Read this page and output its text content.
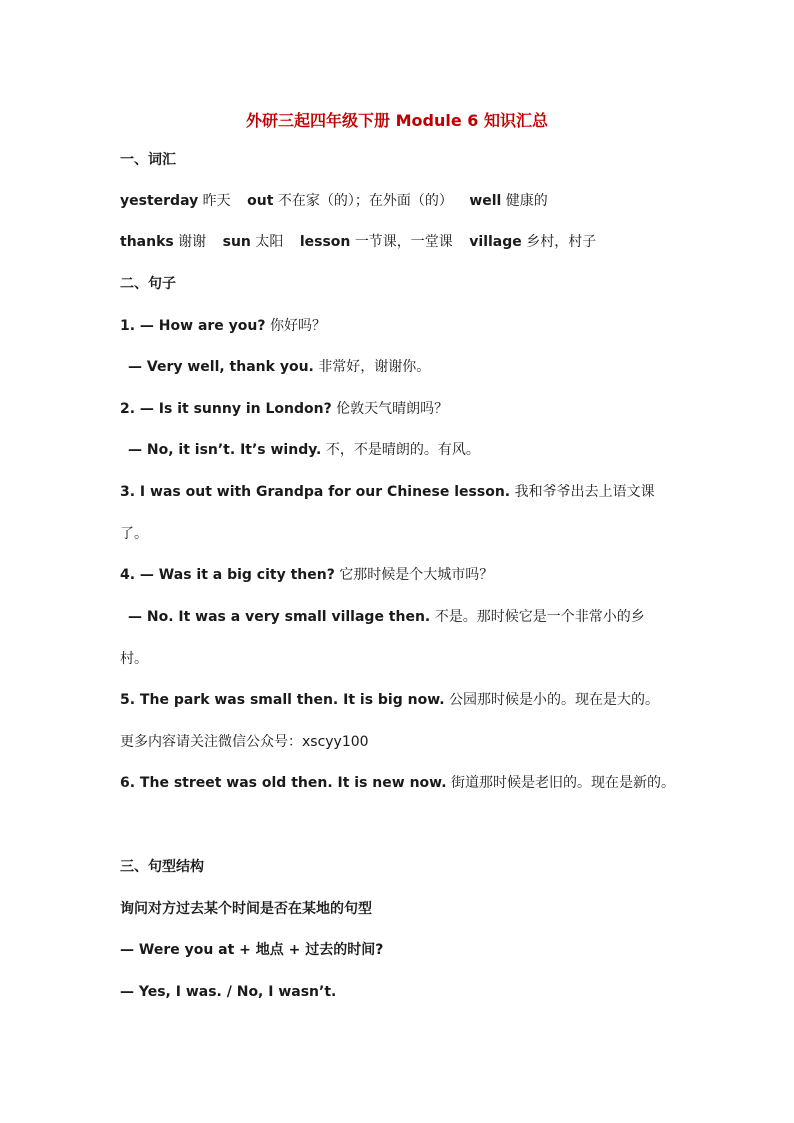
外研三起四年级下册 Module 6 知识汇总
一、词汇
yesterday 昨天 out 不在家（的）；在外面（的） well 健康的
thanks 谢谢 sun 太阳 lesson 一节课，一堂课 village 乡村，村子
二、句子
1. — How are you? 你好吗？
— Very well, thank you. 非常好，谢谢你。
2. — Is it sunny in London? 伦敦天气晴朗吗？
— No, it isn’t. It’s windy. 不，不是晴朗的。有风。
3. I was out with Grandpa for our Chinese lesson. 我和爷爷出去上语文课
了。
4. — Was it a big city then? 它那时候是个大城市吗？
— No. It was a very small village then. 不是。那时候它是一个非常小的乡
村。
5. The park was small then. It is big now. 公园那时候是小的。现在是大的。
更多内容请关注微信公众号：xscyy100
6. The street was old then. It is new now. 街道那时候是老旧的。现在是新的。
三、句型结构
询问对方过去某个时间是否在某地的句型
— Were you at + 地点 + 过去的时间?
— Yes, I was. / No, I wasn’t.
